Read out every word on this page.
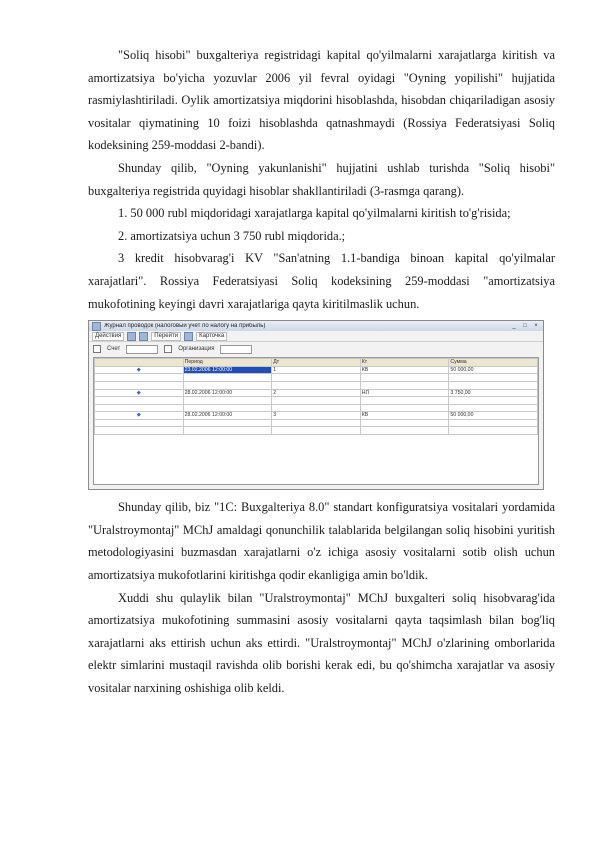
"Soliq hisobi" buxgalteriya registridagi kapital qo'yilmalarni xarajatlarga kiritish va amortizatsiya bo'yicha yozuvlar 2006 yil fevral oyidagi "Oyning yopilishi" hujjatida rasmiylashtiriladi. Oylik amortizatsiya miqdorini hisoblashda, hisobdan chiqariladigan asosiy vositalar qiymatining 10 foizi hisoblashda qatnashmaydi (Rossiya Federatsiyasi Soliq kodeksining 259-moddasi 2-bandi).

Shunday qilib, "Oyning yakunlanishi" hujjatini ushlab turishda "Soliq hisobi" buxgalteriya registrida quyidagi hisoblar shakllantiriladi (3-rasmga qarang).

1. 50 000 rubl miqdoridagi xarajatlarga kapital qo'yilmalarni kiritish to'g'risida;

2. amortizatsiya uchun 3 750 rubl miqdorida.;

3 kredit hisobvarag'i KV "San'atning 1.1-bandiga binoan kapital qo'yilmalar xarajatlari". Rossiya Federatsiyasi Soliq kodeksining 259-moddasi "amortizatsiya mukofotining keyingi davri xarajatlariga qayta kiritilmaslik uchun.

Журнал проводок (налоговый учет по налогу на прибыль)	_	□	×
Действия	Перейти	Карточка
Счет	Организация
	Период	Дт	Кт	Сумма
◆	23.02.2006 12:00:00	1	КВ	50 000,00

◆	28.02.2006 12:00:00	2	НЛ	3 750,00

◆	28.02.2006 12:00:00	3	КВ	50 000,00

Shunday qilib, biz "1C: Buxgalteriya 8.0" standart konfiguratsiya vositalari yordamida "Uralstroymontaj" MChJ amaldagi qonunchilik talablarida belgilangan soliq hisobini yuritish metodologiyasini buzmasdan xarajatlarni o'z ichiga asosiy vositalarni sotib olish uchun amortizatsiya mukofotlarini kiritishga qodir ekanligiga amin bo'ldik.

Xuddi shu qulaylik bilan "Uralstroymontaj" MChJ buxgalteri soliq hisobvarag'ida amortizatsiya mukofotining summasini asosiy vositalarni qayta taqsimlash bilan bog'liq xarajatlarni aks ettirish uchun aks ettirdi. "Uralstroymontaj" MChJ o'zlarining omborlarida elektr simlarini mustaqil ravishda olib borishi kerak edi, bu qo'shimcha xarajatlar va asosiy vositalar narxining oshishiga olib keldi.
